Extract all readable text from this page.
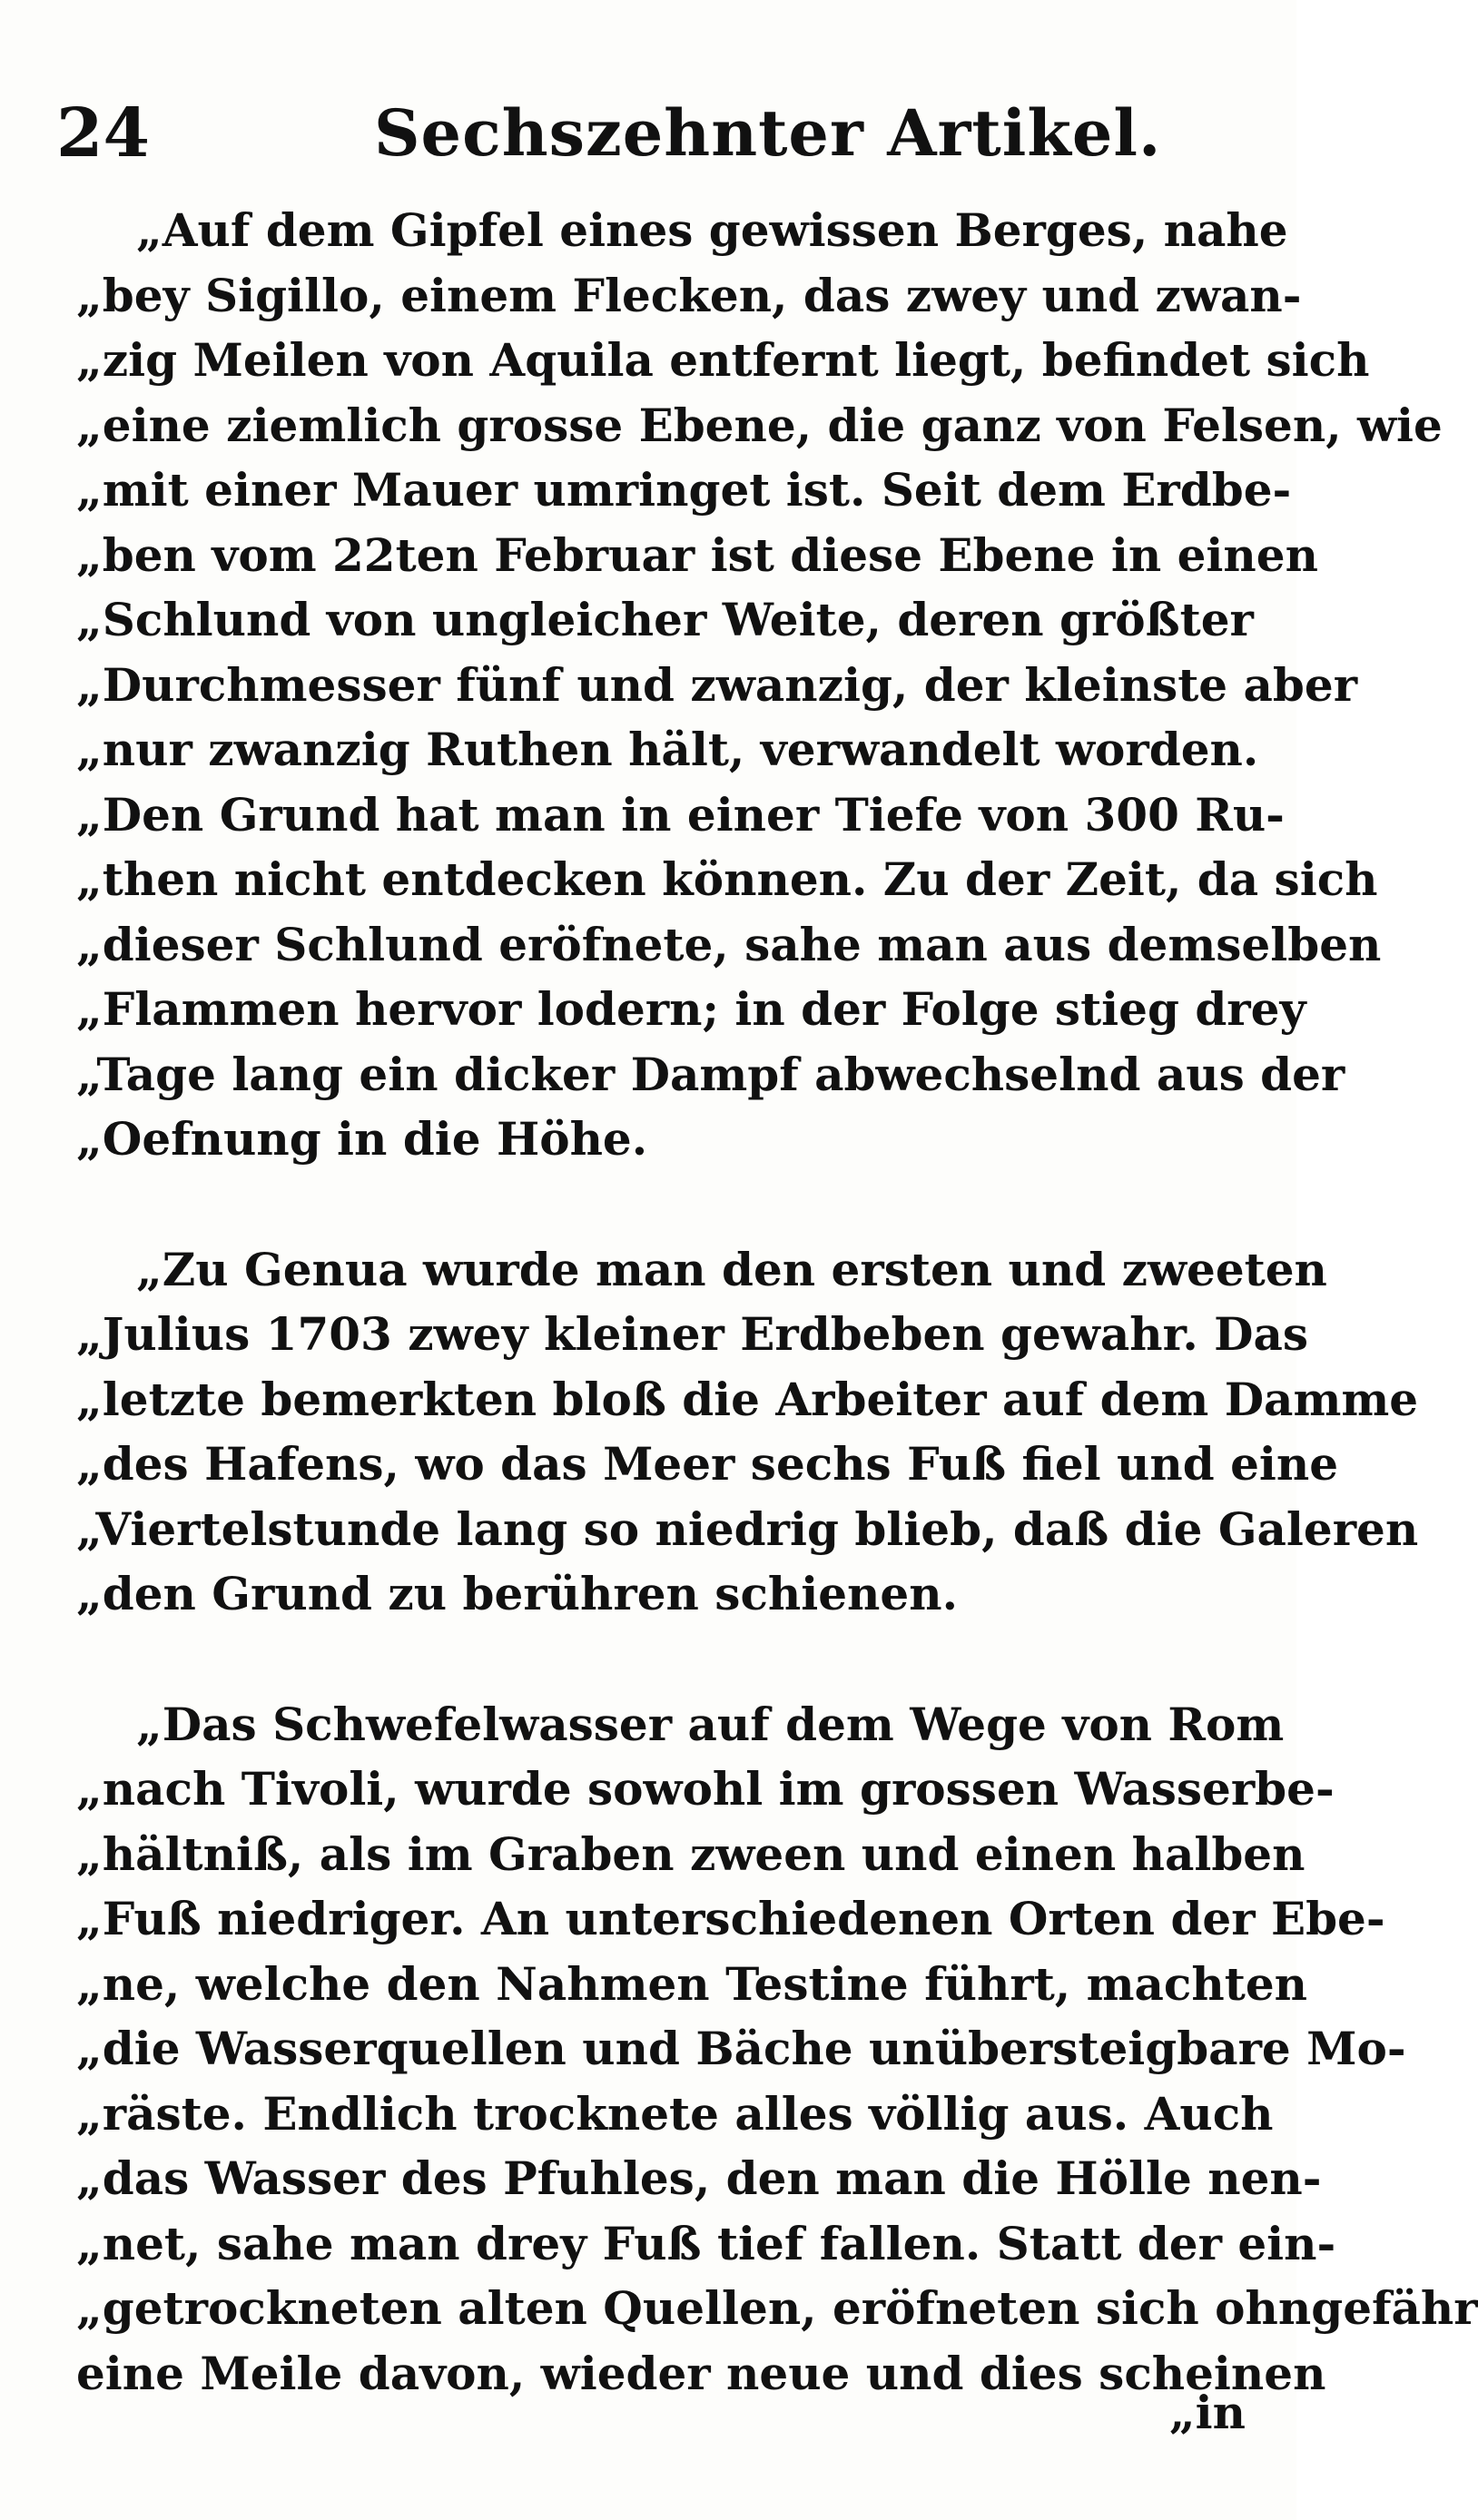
24	Sechszehnter Artikel.
„Auf dem Gipfel eines gewissen Berges, nahe
„bey Sigillo, einem Flecken, das zwey und zwan-
„zig Meilen von Aquila entfernt liegt, befindet sich
„eine ziemlich grosse Ebene, die ganz von Felsen, wie
„mit einer Mauer umringet ist. Seit dem Erdbe-
„ben vom 22ten Februar ist diese Ebene in einen
„Schlund von ungleicher Weite, deren größter
„Durchmesser fünf und zwanzig, der kleinste aber
„nur zwanzig Ruthen hält, verwandelt worden.
„Den Grund hat man in einer Tiefe von 300 Ru-
„then nicht entdecken können. Zu der Zeit, da sich
„dieser Schlund eröfnete, sahe man aus demselben
„Flammen hervor lodern; in der Folge stieg drey
„Tage lang ein dicker Dampf abwechselnd aus der
„Oefnung in die Höhe.
„Zu Genua wurde man den ersten und zweeten
„Julius 1703 zwey kleiner Erdbeben gewahr. Das
„letzte bemerkten bloß die Arbeiter auf dem Damme
„des Hafens, wo das Meer sechs Fuß fiel und eine
„Viertelstunde lang so niedrig blieb, daß die Galeren
„den Grund zu berühren schienen.
„Das Schwefelwasser auf dem Wege von Rom
„nach Tivoli, wurde sowohl im grossen Wasserbe-
„hältniß, als im Graben zween und einen halben
„Fuß niedriger. An unterschiedenen Orten der Ebe-
„ne, welche den Nahmen Testine führt, machten
„die Wasserquellen und Bäche unübersteigbare Mo-
„räste. Endlich trocknete alles völlig aus. Auch
„das Wasser des Pfuhles, den man die Hölle nen-
„net, sahe man drey Fuß tief fallen. Statt der ein-
„getrockneten alten Quellen, eröfneten sich ohngefähr
eine Meile davon, wieder neue und dies scheinen
„in
